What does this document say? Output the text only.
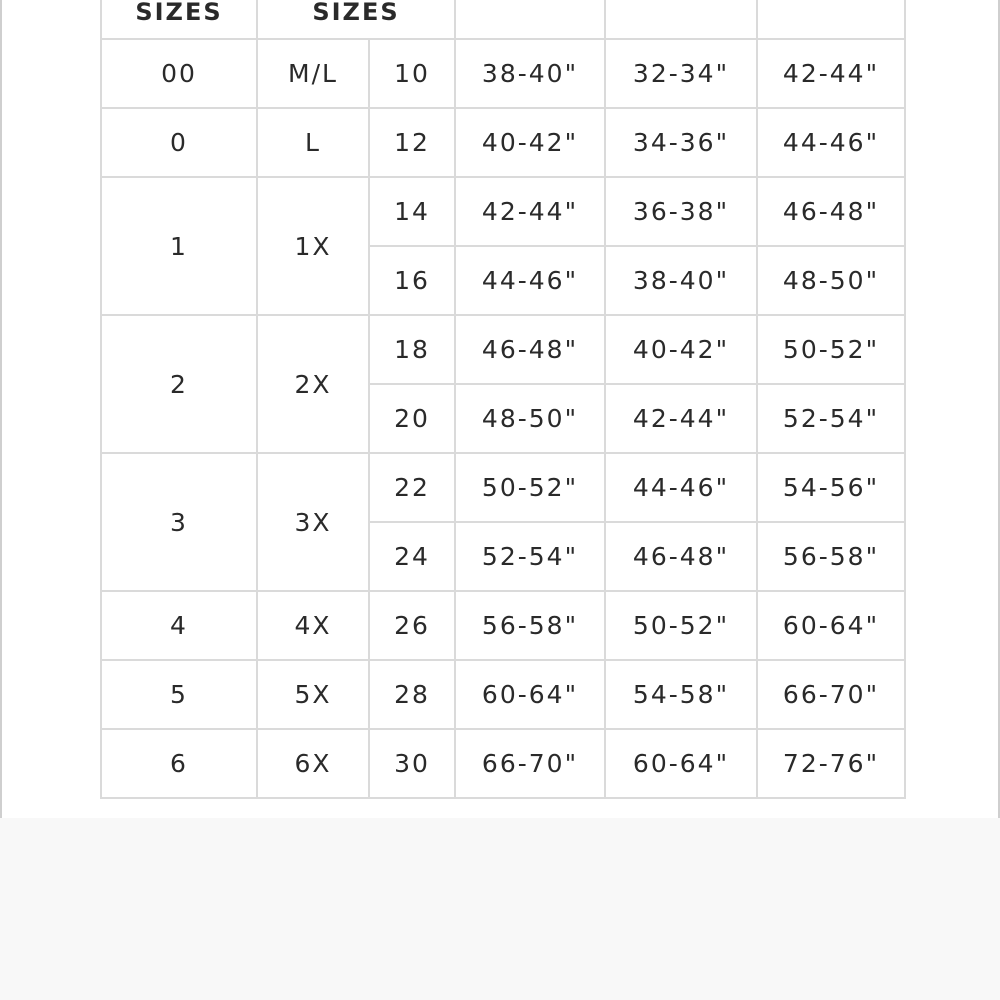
SIZES	SIZES				
00	M/L	10	38-40"	32-34"	42-44"
0	L	12	40-42"	34-36"	44-46"
1	1X	14	42-44"	36-38"	46-48"
		16	44-46"	38-40"	48-50"
2	2X	18	46-48"	40-42"	50-52"
		20	48-50"	42-44"	52-54"
3	3X	22	50-52"	44-46"	54-56"
		24	52-54"	46-48"	56-58"
4	4X	26	56-58"	50-52"	60-64"
5	5X	28	60-64"	54-58"	66-70"
6	6X	30	66-70"	60-64"	72-76"
